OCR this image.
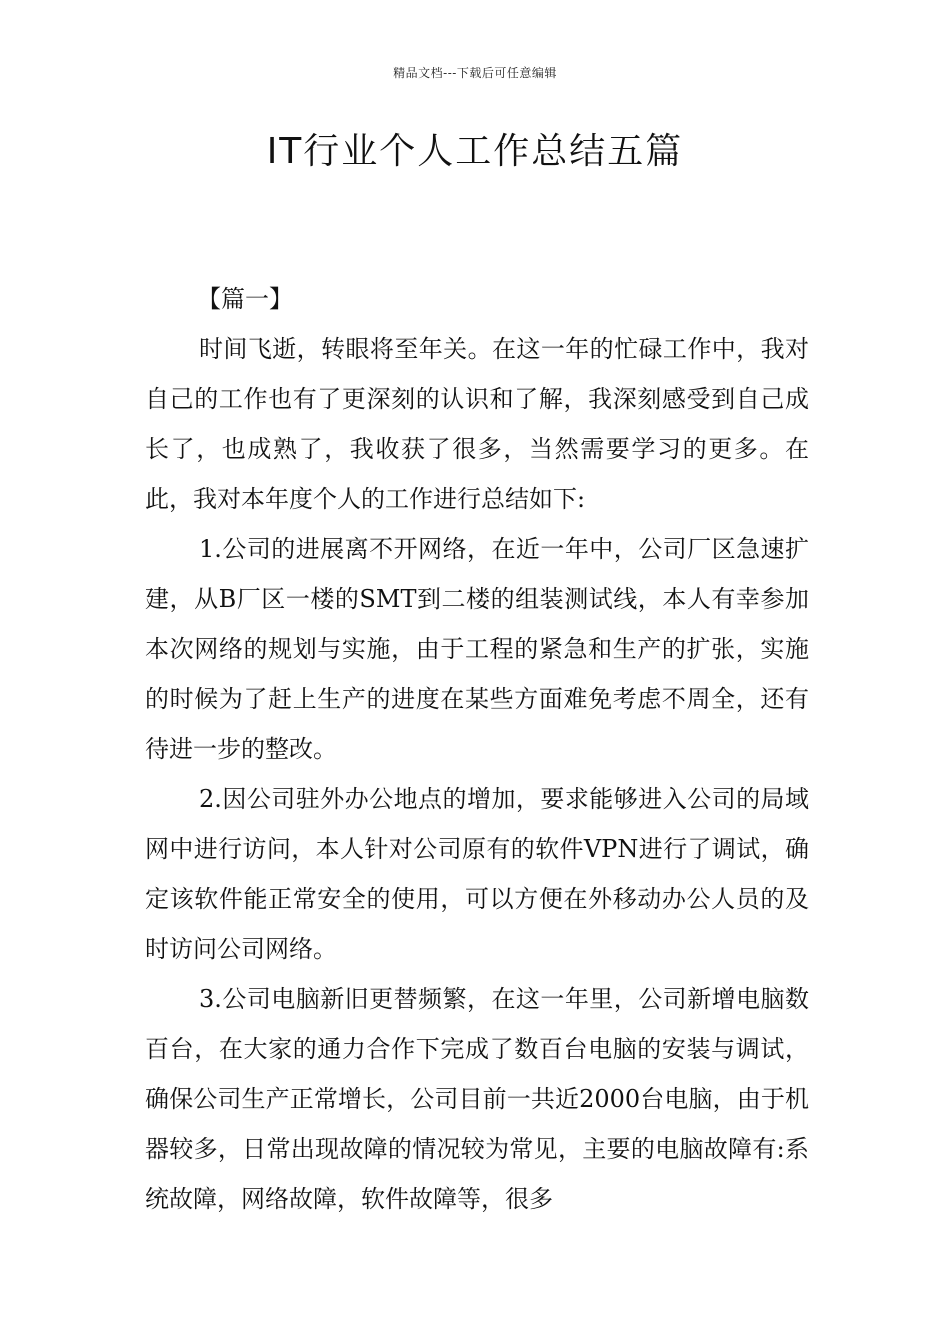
精品文档---下载后可任意编辑
IT行业个人工作总结五篇

【篇一】

时间飞逝，转眼将至年关。在这一年的忙碌工作中，我对自己的工作也有了更深刻的认识和了解，我深刻感受到自己成长了，也成熟了，我收获了很多，当然需要学习的更多。在此，我对本年度个人的工作进行总结如下:

1.公司的进展离不开网络，在近一年中，公司厂区急速扩建，从B厂区一楼的SMT到二楼的组装测试线，本人有幸参加本次网络的规划与实施，由于工程的紧急和生产的扩张，实施的时候为了赶上生产的进度在某些方面难免考虑不周全，还有待进一步的整改。

2.因公司驻外办公地点的增加，要求能够进入公司的局域网中进行访问，本人针对公司原有的软件VPN进行了调试，确定该软件能正常安全的使用，可以方便在外移动办公人员的及时访问公司网络。

3.公司电脑新旧更替频繁，在这一年里，公司新增电脑数百台，在大家的通力合作下完成了数百台电脑的安装与调试，确保公司生产正常增长，公司目前一共近2000台电脑，由于机器较多，日常出现故障的情况较为常见，主要的电脑故障有:系统故障，网络故障，软件故障等，很多
